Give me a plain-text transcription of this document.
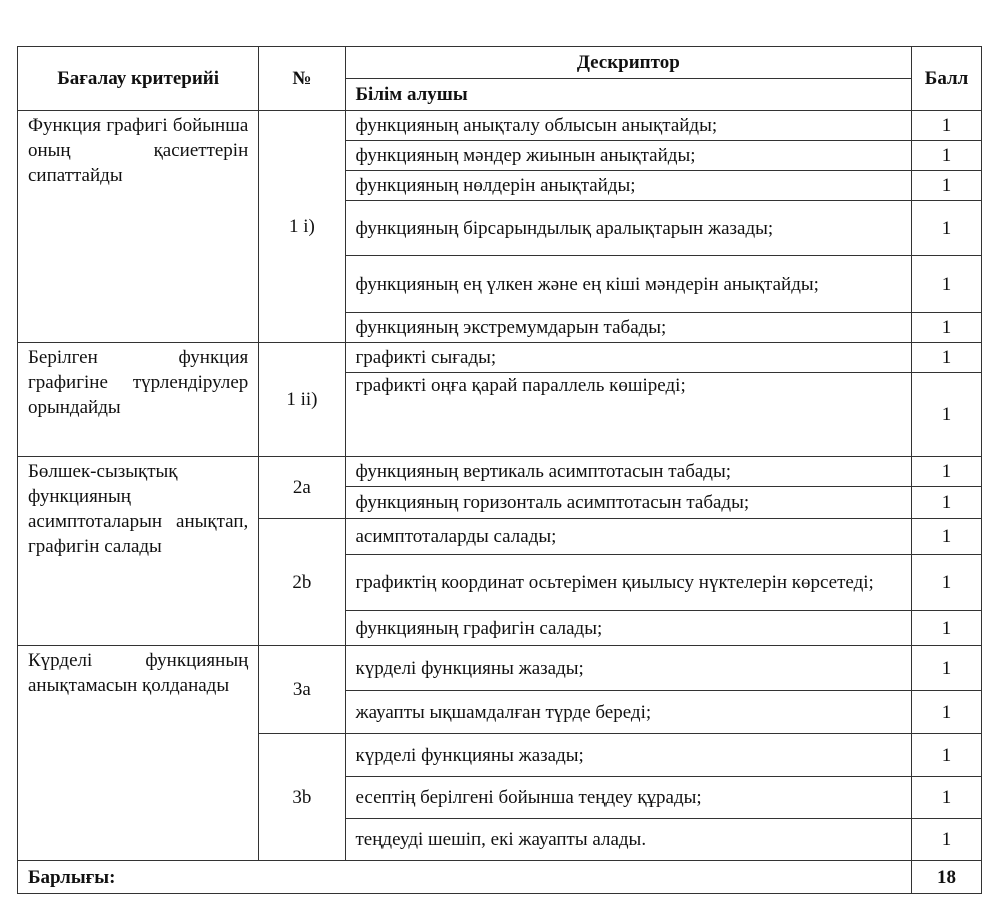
Бағалау критерийі	№	Дескриптор	Балл
		Білім алушы	
Функция графигі бойынша оның қасиеттерін сипаттайды	1 i)	функцияның анықталу облысын анықтайды;	1
		функцияның мәндер жиынын анықтайды;	1
		функцияның нөлдерін анықтайды;	1
		функцияның бірсарындылық аралықтарын жазады;	1
		функцияның ең үлкен және ең кіші мәндерін анықтайды;	1
		функцияның экстремумдарын табады;	1
Берілген функция графигіне түрлендірулер орындайды	1 ii)	графикті сығады;	1
		графикті оңға қарай параллель көшіреді;	1
Бөлшек-сызықтық функцияның асимптоталарын анықтап, графигін салады	2a	функцияның вертикаль асимптотасын табады;	1
		функцияның горизонталь асимптотасын табады;	1
	2b	асимптоталарды салады;	1
		графиктің координат осьтерімен қиылысу нүктелерін көрсетеді;	1
		функцияның графигін салады;	1
Күрделі функцияның анықтамасын қолданады	3a	күрделі функцияны жазады;	1
		жауапты ықшамдалған түрде береді;	1
	3b	күрделі функцияны жазады;	1
		есептің берілгені бойынша теңдеу құрады;	1
		теңдеуді шешіп, екі жауапты алады.	1
Барлығы:			18
